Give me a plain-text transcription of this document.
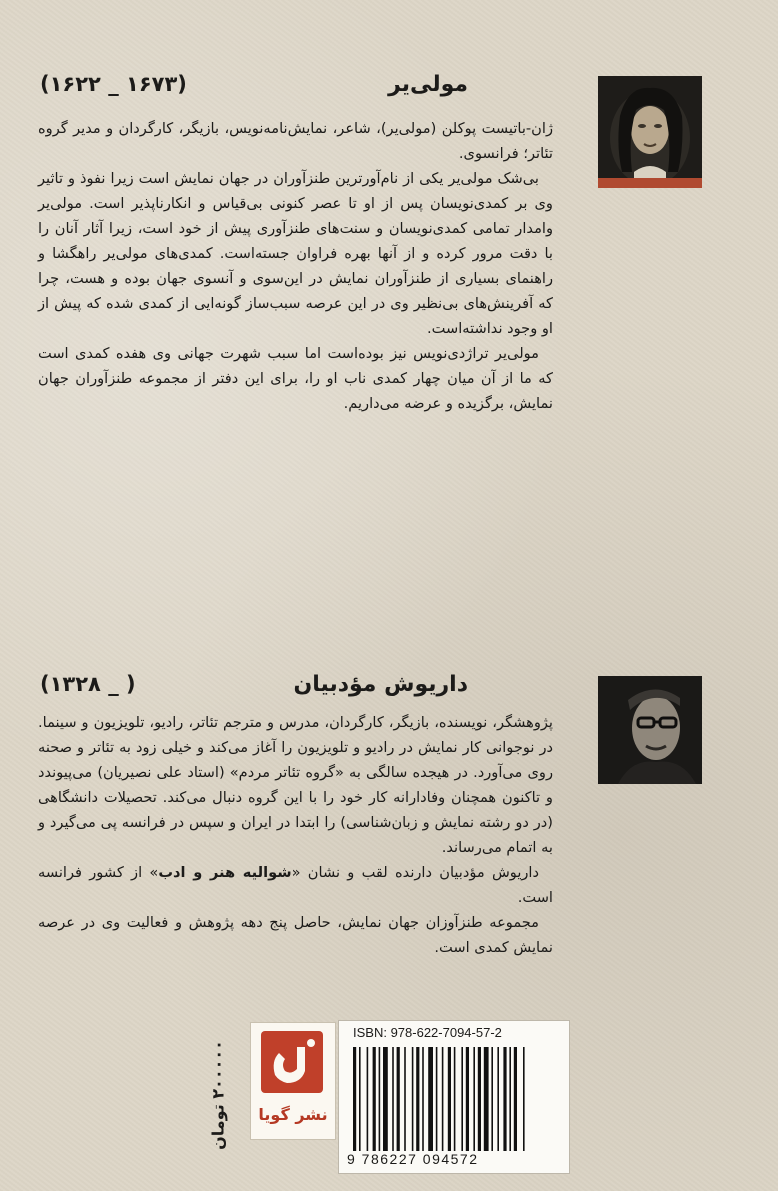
مولی‌یر
(۱۶۷۳ _ ۱۶۲۲)

ژان-باتیست پوکلن (مولی‌یر)، شاعر، نمایش‌نامه‌نویس، بازیگر، کارگردان و مدیر گروه تئاتر؛ فرانسوی.

بی‌شک مولی‌یر یکی از نام‌آورترین طنزآوران در جهان نمایش است زیرا نفوذ و تاثیر وی بر کمدی‌نویسان پس از او تا عصر کنونی بی‌قیاس و انکارناپذیر است. مولی‌یر وامدار تمامی کمدی‌نویسان و سنت‌های طنزآوری پیش از خود است، زیرا آثار آنان را با دقت مرور کرده و از آنها بهره فراوان جسته‌است. کمدی‌های مولی‌یر راهگشا و راهنمای بسیاری از طنزآوران نمایش در این‌سوی و آنسوی جهان بوده و هست، چرا که آفرینش‌های بی‌نظیر وی در این عرصه سبب‌ساز گونه‌ایی از کمدی شده که پیش از او وجود نداشته‌است.

مولی‌یر تراژدی‌نویس نیز بوده‌است اما سبب شهرت جهانی وی هفده کمدی است که ما از آن میان چهار کمدی ناب او را، برای این دفتر از مجموعه طنزآوران جهان نمایش، برگزیده و عرضه می‌داریم.

داریوش مؤدبیان
( _ ۱۳۲۸)

پژوهشگر، نویسنده، بازیگر، کارگردان، مدرس و مترجم تئاتر، رادیو، تلویزیون و سینما. در نوجوانی کار نمایش در رادیو و تلویزیون را آغاز می‌کند و خیلی زود به تئاتر و صحنه روی می‌آورد. در هیجده سالگی به «گروه تئاتر مردم» (استاد علی نصیریان) می‌پیوندد و تاکنون همچنان وفادارانه کار خود را با این گروه دنبال می‌کند. تحصیلات دانشگاهی (در دو رشته نمایش و زبان‌شناسی) را ابتدا در ایران و سپس در فرانسه پی می‌گیرد و به اتمام می‌رساند.

داریوش مؤدبیان دارنده لقب و نشان «شوالیه هنر و ادب» از کشور فرانسه است.

مجموعه طنزآوزان جهان نمایش، حاصل پنج دهه پژوهش و فعالیت وی در عرصه نمایش کمدی است.

۲۰۰۰۰۰ تومان
نشر گویا
ISBN: 978-622-7094-57-2
9 786227 094572
